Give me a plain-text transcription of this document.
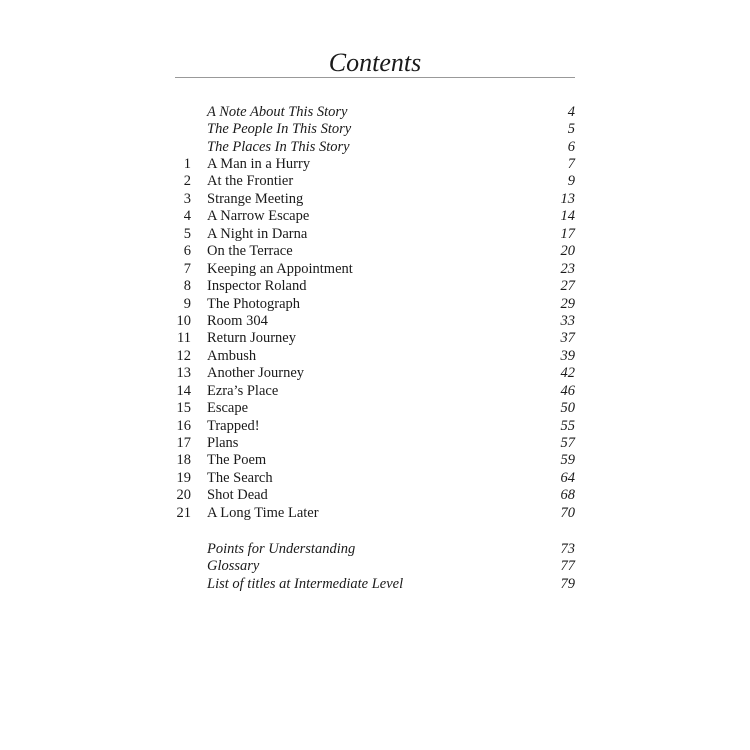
Contents
A Note About This Story	4
The People In This Story	5
The Places In This Story	6
1 A Man in a Hurry	7
2 At the Frontier	9
3 Strange Meeting	13
4 A Narrow Escape	14
5 A Night in Darna	17
6 On the Terrace	20
7 Keeping an Appointment	23
8 Inspector Roland	27
9 The Photograph	29
10 Room 304	33
11 Return Journey	37
12 Ambush	39
13 Another Journey	42
14 Ezra’s Place	46
15 Escape	50
16 Trapped!	55
17 Plans	57
18 The Poem	59
19 The Search	64
20 Shot Dead	68
21 A Long Time Later	70
Points for Understanding	73
Glossary	77
List of titles at Intermediate Level	79
